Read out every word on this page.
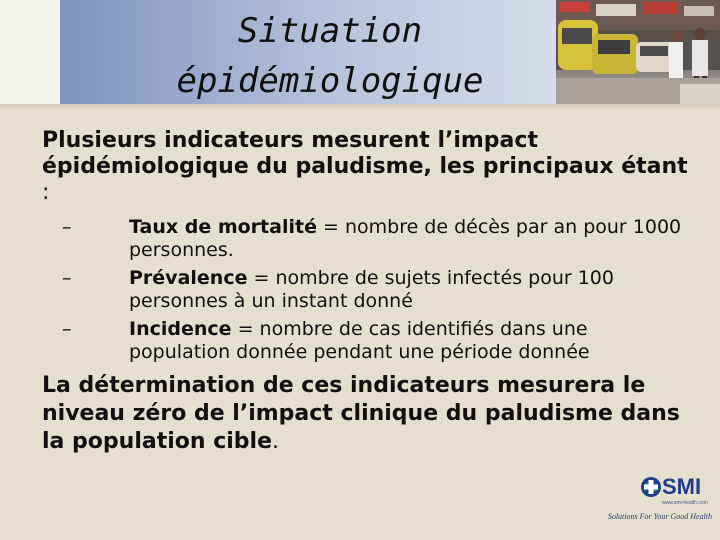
Situation
épidémiologique

Plusieurs indicateurs mesurent l’impact épidémiologique du paludisme, les principaux étant :

–	Taux de mortalité = nombre de décès par an pour 1000 personnes.
–	Prévalence = nombre de sujets infectés pour 100 personnes à un instant donné
–	Incidence = nombre de cas identifiés dans une population donnée pendant une période donnée

La détermination de ces indicateurs mesurera le niveau zéro de l’impact clinique du paludisme dans la population cible.

SMI
www.smi-health.com
Solutions For Your Good Health
